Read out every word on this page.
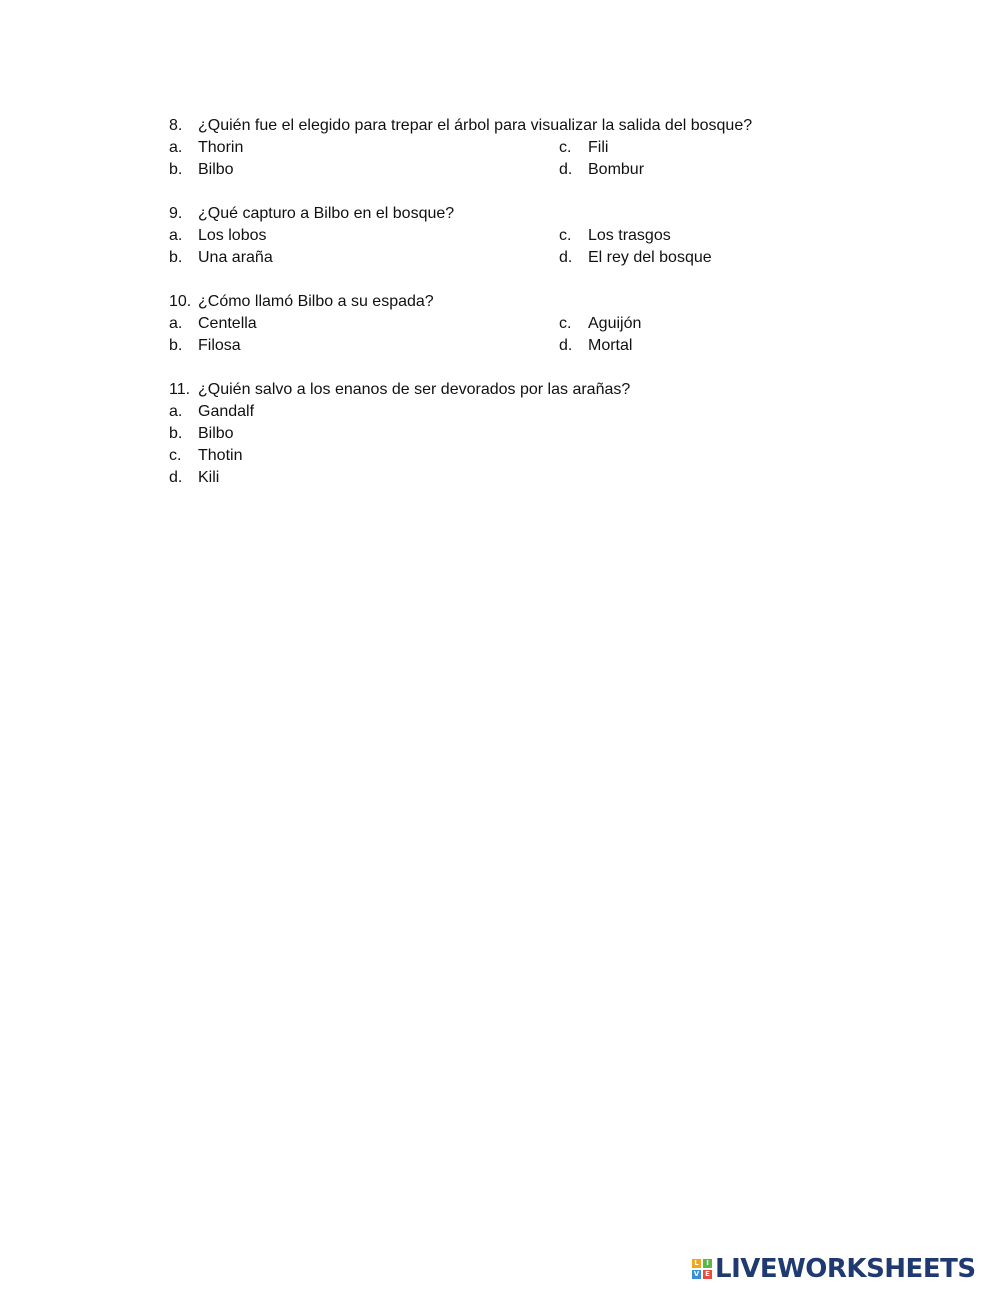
8. ¿Quién fue el elegido para trepar el árbol para visualizar la salida del bosque?
a. Thorin	c. Fili
b. Bilbo	d. Bombur
9. ¿Qué capturo a Bilbo en el bosque?
a. Los lobos	c. Los trasgos
b. Una araña	d. El rey del bosque
10. ¿Cómo llamó Bilbo a su espada?
a. Centella	c. Aguijón
b. Filosa	d. Mortal
11. ¿Quién salvo a los enanos de ser devorados por las arañas?
a. Gandalf
b. Bilbo
c. Thotin
d. Kili
L	I
V E LIVEWORKSHEETS
